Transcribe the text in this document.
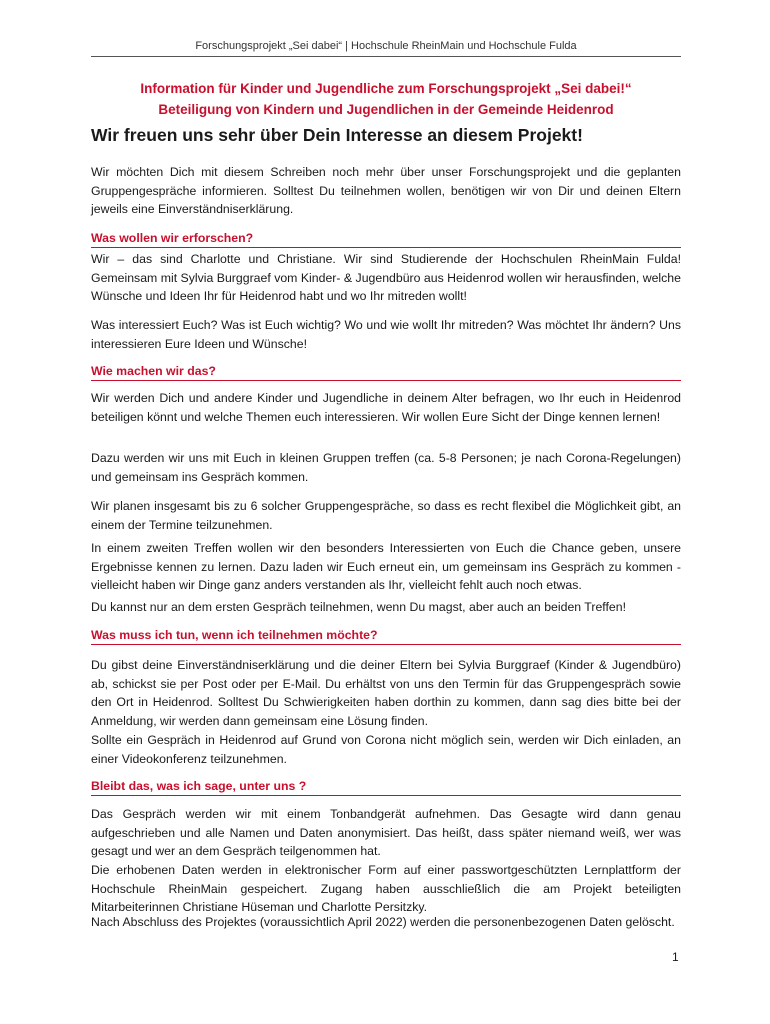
Forschungsprojekt „Sei dabei“ | Hochschule RheinMain und Hochschule Fulda
Information für Kinder und Jugendliche zum Forschungsprojekt „Sei dabei!“
Beteiligung von Kindern und Jugendlichen in der Gemeinde Heidenrod
Wir freuen uns sehr über Dein Interesse an diesem Projekt!

Wir möchten Dich mit diesem Schreiben noch mehr über unser Forschungsprojekt und die geplanten Gruppengespräche informieren. Solltest Du teilnehmen wollen, benötigen wir von Dir und deinen Eltern jeweils eine Einverständniserklärung.

Was wollen wir erforschen?

Wir – das sind Charlotte und Christiane. Wir sind Studierende der Hochschulen RheinMain Fulda! Gemeinsam mit Sylvia Burggraef vom Kinder- & Jugendbüro aus Heidenrod wollen wir herausfinden, welche Wünsche und Ideen Ihr für Heidenrod habt und wo Ihr mitreden wollt!

Was interessiert Euch? Was ist Euch wichtig? Wo und wie wollt Ihr mitreden? Was möchtet Ihr ändern? Uns interessieren Eure Ideen und Wünsche!

Wie machen wir das?

Wir werden Dich und andere Kinder und Jugendliche in deinem Alter befragen, wo Ihr euch in Heidenrod beteiligen könnt und welche Themen euch interessieren. Wir wollen Eure Sicht der Dinge kennen lernen!

Dazu werden wir uns mit Euch in kleinen Gruppen treffen (ca. 5-8 Personen; je nach Corona-Regelungen) und gemeinsam ins Gespräch kommen.

Wir planen insgesamt bis zu 6 solcher Gruppengespräche, so dass es recht flexibel die Möglichkeit gibt, an einem der Termine teilzunehmen.

In einem zweiten Treffen wollen wir den besonders Interessierten von Euch die Chance geben, unsere Ergebnisse kennen zu lernen. Dazu laden wir Euch erneut ein, um gemeinsam ins Gespräch zu kommen - vielleicht haben wir Dinge ganz anders verstanden als Ihr, vielleicht fehlt auch noch etwas.

Du kannst nur an dem ersten Gespräch teilnehmen, wenn Du magst, aber auch an beiden Treffen!

Was muss ich tun, wenn ich teilnehmen möchte?

Du gibst deine Einverständniserklärung und die deiner Eltern bei Sylvia Burggraef (Kinder & Jugendbüro) ab, schickst sie per Post oder per E-Mail. Du erhältst von uns den Termin für das Gruppengespräch sowie den Ort in Heidenrod. Solltest Du Schwierigkeiten haben dorthin zu kommen, dann sag dies bitte bei der Anmeldung, wir werden dann gemeinsam eine Lösung finden.

Sollte ein Gespräch in Heidenrod auf Grund von Corona nicht möglich sein, werden wir Dich einladen, an einer Videokonferenz teilzunehmen.

Bleibt das, was ich sage, unter uns ?

Das Gespräch werden wir mit einem Tonbandgerät aufnehmen. Das Gesagte wird dann genau aufgeschrieben und alle Namen und Daten anonymisiert. Das heißt, dass später niemand weiß, wer was gesagt und wer an dem Gespräch teilgenommen hat.

Die erhobenen Daten werden in elektronischer Form auf einer passwortgeschützten Lernplattform der Hochschule RheinMain gespeichert. Zugang haben ausschließlich die am Projekt beteiligten Mitarbeiterinnen Christiane Hüseman und Charlotte Persitzky.

Nach Abschluss des Projektes (voraussichtlich April 2022) werden die personenbezogenen Daten gelöscht.

1
